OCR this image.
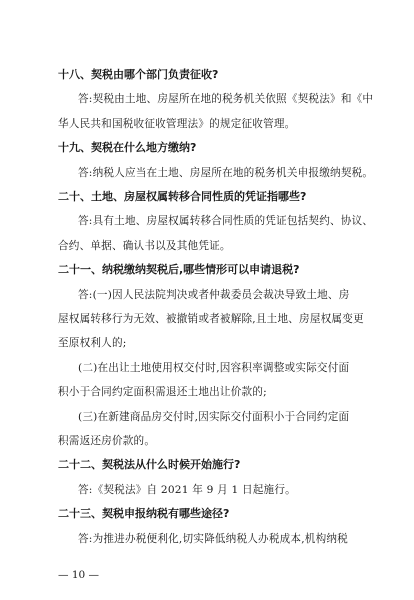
十八、契税由哪个部门负责征收?
答:契税由土地、房屋所在地的税务机关依照《契税法》和《中
华人民共和国税收征收管理法》的规定征收管理。
十九、契税在什么地方缴纳?
答:纳税人应当在土地、房屋所在地的税务机关申报缴纳契税。
二十、土地、房屋权属转移合同性质的凭证指哪些?
答:具有土地、房屋权属转移合同性质的凭证包括契约、协议、
合约、单据、确认书以及其他凭证。
二十一、纳税缴纳契税后,哪些情形可以申请退税?
答:(一)因人民法院判决或者仲裁委员会裁决导致土地、房
屋权属转移行为无效、被撤销或者被解除,且土地、房屋权属变更
至原权利人的;
(二)在出让土地使用权交付时,因容积率调整或实际交付面
积小于合同约定面积需退还土地出让价款的;
(三)在新建商品房交付时,因实际交付面积小于合同约定面
积需返还房价款的。
二十二、契税法从什么时候开始施行?
答:《契税法》自 2021 年 9 月 1 日起施行。
— 10 —
二十三、契税申报纳税有哪些途径?
答:为推进办税便利化,切实降低纳税人办税成本,机构纳税
